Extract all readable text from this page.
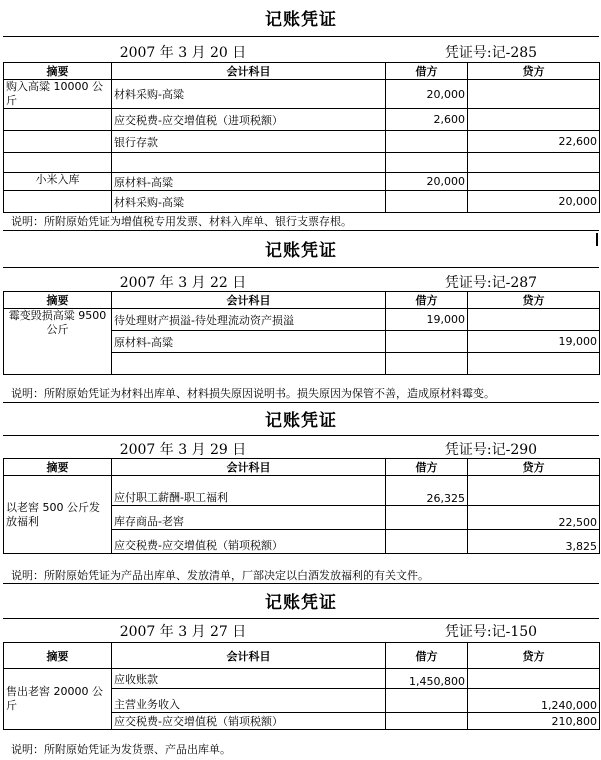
记账凭证
2007 年 3 月 20 日	凭证号:记-285
摘要	会计科目	借方	贷方
购入高粱 10000 公斤	材料采购-高粱	20,000	
	应交税费-应交增值税（进项税额）	2,600	
	银行存款		22,600

小米入库	原材料-高粱	20,000	
	材料采购-高粱		20,000
说明：所附原始凭证为增值税专用发票、材料入库单、银行支票存根。
记账凭证
2007 年 3 月 22 日	凭证号:记-287
摘要	会计科目	借方	贷方
霉变毁损高粱 9500 公斤	待处理财产损溢-待处理流动资产损溢	19,000	
	原材料-高粱		19,000

说明：所附原始凭证为材料出库单、材料损失原因说明书。损失原因为保管不善，造成原材料霉变。
记账凭证
2007 年 3 月 29 日	凭证号:记-290
摘要	会计科目	借方	贷方
以老窖 500 公斤发放福利	应付职工薪酬-职工福利	26,325	
	库存商品-老窖		22,500
	应交税费-应交增值税（销项税额）		3,825
说明：所附原始凭证为产品出库单、发放清单，厂部决定以白酒发放福利的有关文件。
记账凭证
2007 年 3 月 27 日	凭证号:记-150
摘要	会计科目	借方	贷方
售出老窖 20000 公斤	应收账款	1,450,800	
	主营业务收入		1,240,000
	应交税费-应交增值税（销项税额）		210,800
说明：所附原始凭证为发货票、产品出库单。
